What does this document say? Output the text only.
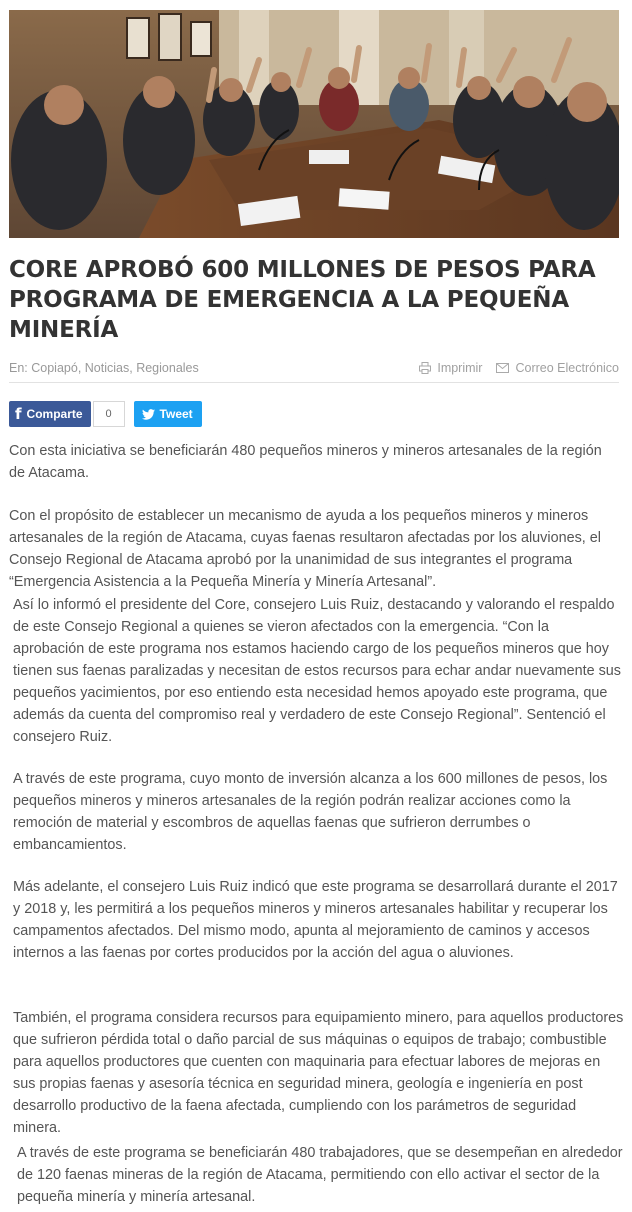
CORE APROBÓ 600 MILLONES DE PESOS PARA PROGRAMA DE EMERGENCIA A LA PEQUEÑA MINERÍA
En: Copiapó, Noticias, Regionales	Imprimir	Correo Electrónico
f Comparte	0	Tweet

Con esta iniciativa se beneficiarán 480 pequeños mineros y mineros artesanales de la región de Atacama.

Con el propósito de establecer un mecanismo de ayuda a los pequeños mineros y mineros artesanales de la región de Atacama, cuyas faenas resultaron afectadas por los aluviones, el Consejo Regional de Atacama aprobó por la unanimidad de sus integrantes el programa “Emergencia Asistencia a la Pequeña Minería y Minería Artesanal”.

Así lo informó el presidente del Core, consejero Luis Ruiz, destacando y valorando el respaldo de este Consejo Regional a quienes se vieron afectados con la emergencia. “Con la aprobación de este programa nos estamos haciendo cargo de los pequeños mineros que hoy tienen sus faenas paralizadas y necesitan de estos recursos para echar andar nuevamente sus pequeños yacimientos, por eso entiendo esta necesidad hemos apoyado este programa, que además da cuenta del compromiso real y verdadero de este Consejo Regional”. Sentenció el consejero Ruiz.

A través de este programa, cuyo monto de inversión alcanza a los 600 millones de pesos, los pequeños mineros y mineros artesanales de la región podrán realizar acciones como la remoción de material y escombros de aquellas faenas que sufrieron derrumbes o embancamientos.

Más adelante, el consejero Luis Ruiz indicó que este programa se desarrollará durante el 2017 y 2018 y, les permitirá a los pequeños mineros y mineros artesanales habilitar y recuperar los campamentos afectados. Del mismo modo, apunta al mejoramiento de caminos y accesos internos a las faenas por cortes producidos por la acción del agua o aluviones.

También, el programa considera recursos para equipamiento minero, para aquellos productores que sufrieron pérdida total o daño parcial de sus máquinas o equipos de trabajo; combustible para aquellos productores que cuenten con maquinaria para efectuar labores de mejoras en sus propias faenas y asesoría técnica en seguridad minera, geología e ingeniería en post desarrollo productivo de la faena afectada, cumpliendo con los parámetros de seguridad minera.

A través de este programa se beneficiarán 480 trabajadores, que se desempeñan en alrededor de 120 faenas mineras de la región de Atacama, permitiendo con ello activar el sector de la pequeña minería y minería artesanal.
